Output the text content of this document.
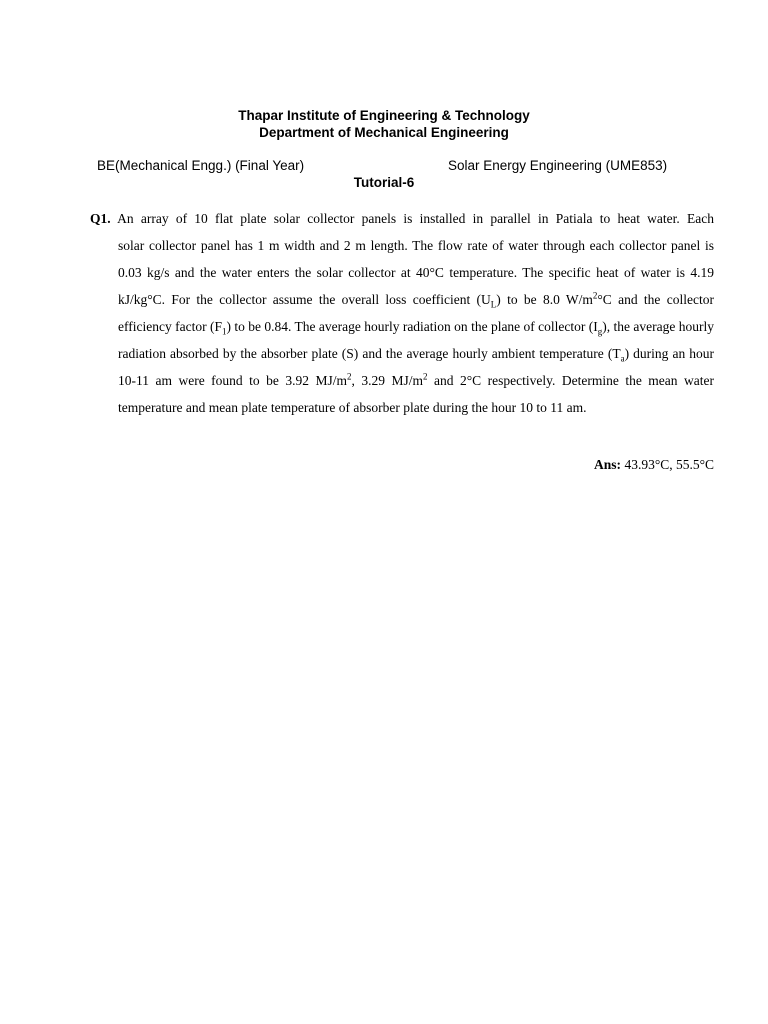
Thapar Institute of Engineering & Technology
Department of Mechanical Engineering
BE(Mechanical Engg.) (Final Year)	Solar Energy Engineering (UME853)
Tutorial-6
Q1. An array of 10 flat plate solar collector panels is installed in parallel in Patiala to heat water. Each
solar collector panel has 1 m width and 2 m length. The flow rate of water through each collector panel is 0.03 kg/s and the water enters the solar collector at 40°C temperature. The specific heat of water is 4.19 kJ/kg°C. For the collector assume the overall loss coefficient $(U_L)$ to be 8.0 $W/m^2^\circ C$ and the collector efficiency factor $(F_1)$ to be 0.84. The average hourly radiation on the plane of collector $(I_g)$, the average hourly radiation absorbed by the absorber plate (S) and the average hourly ambient temperature $(T_a)$ during an hour 10-11 am were found to be 3.92 $MJ/m^2$, 3.29 $MJ/m^2$ and 2°C respectively. Determine the mean water temperature and mean plate temperature of absorber plate during the hour 10 to 11 am.
Ans: 43.93°C, 55.5°C
